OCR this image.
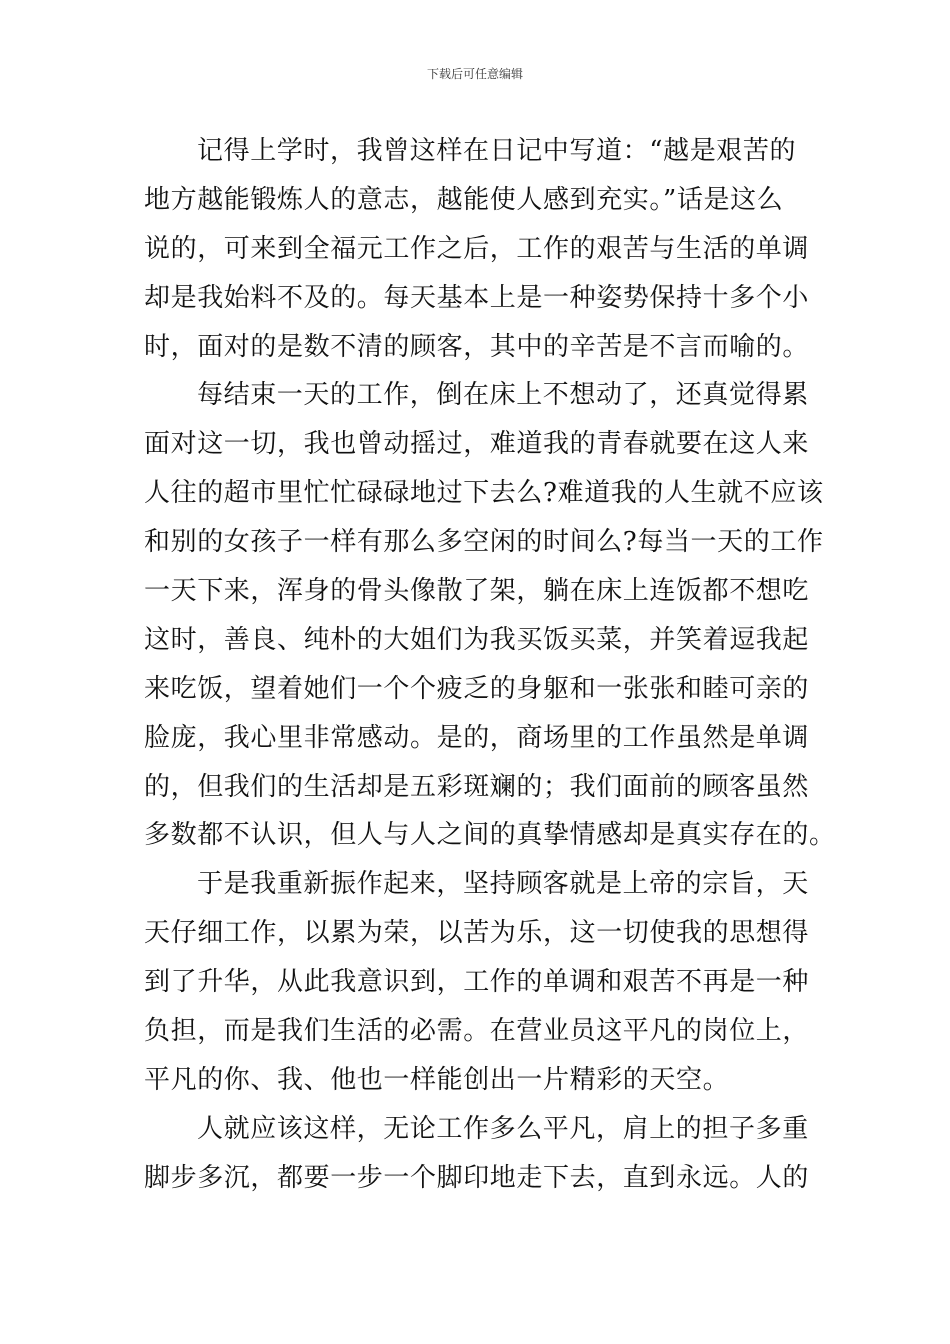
下载后可任意编辑
记得上学时，我曾这样在日记中写道：“越是艰苦的
地方越能锻炼人的意志，越能使人感到充实。”话是这么
说的，可来到全福元工作之后，工作的艰苦与生活的单调
却是我始料不及的。每天基本上是一种姿势保持十多个小
时，面对的是数不清的顾客，其中的辛苦是不言而喻的。
每结束一天的工作，倒在床上不想动了，还真觉得累
面对这一切，我也曾动摇过，难道我的青春就要在这人来
人往的超市里忙忙碌碌地过下去么?难道我的人生就不应该
和别的女孩子一样有那么多空闲的时间么?每当一天的工作
一天下来，浑身的骨头像散了架，躺在床上连饭都不想吃
这时，善良、纯朴的大姐们为我买饭买菜，并笑着逗我起
来吃饭，望着她们一个个疲乏的身躯和一张张和睦可亲的
脸庞，我心里非常感动。是的，商场里的工作虽然是单调
的，但我们的生活却是五彩斑斓的；我们面前的顾客虽然
多数都不认识，但人与人之间的真挚情感却是真实存在的。
于是我重新振作起来，坚持顾客就是上帝的宗旨，天
天仔细工作，以累为荣，以苦为乐，这一切使我的思想得
到了升华，从此我意识到，工作的单调和艰苦不再是一种
负担，而是我们生活的必需。在营业员这平凡的岗位上，
平凡的你、我、他也一样能创出一片精彩的天空。
人就应该这样，无论工作多么平凡，肩上的担子多重
脚步多沉，都要一步一个脚印地走下去，直到永远。人的
